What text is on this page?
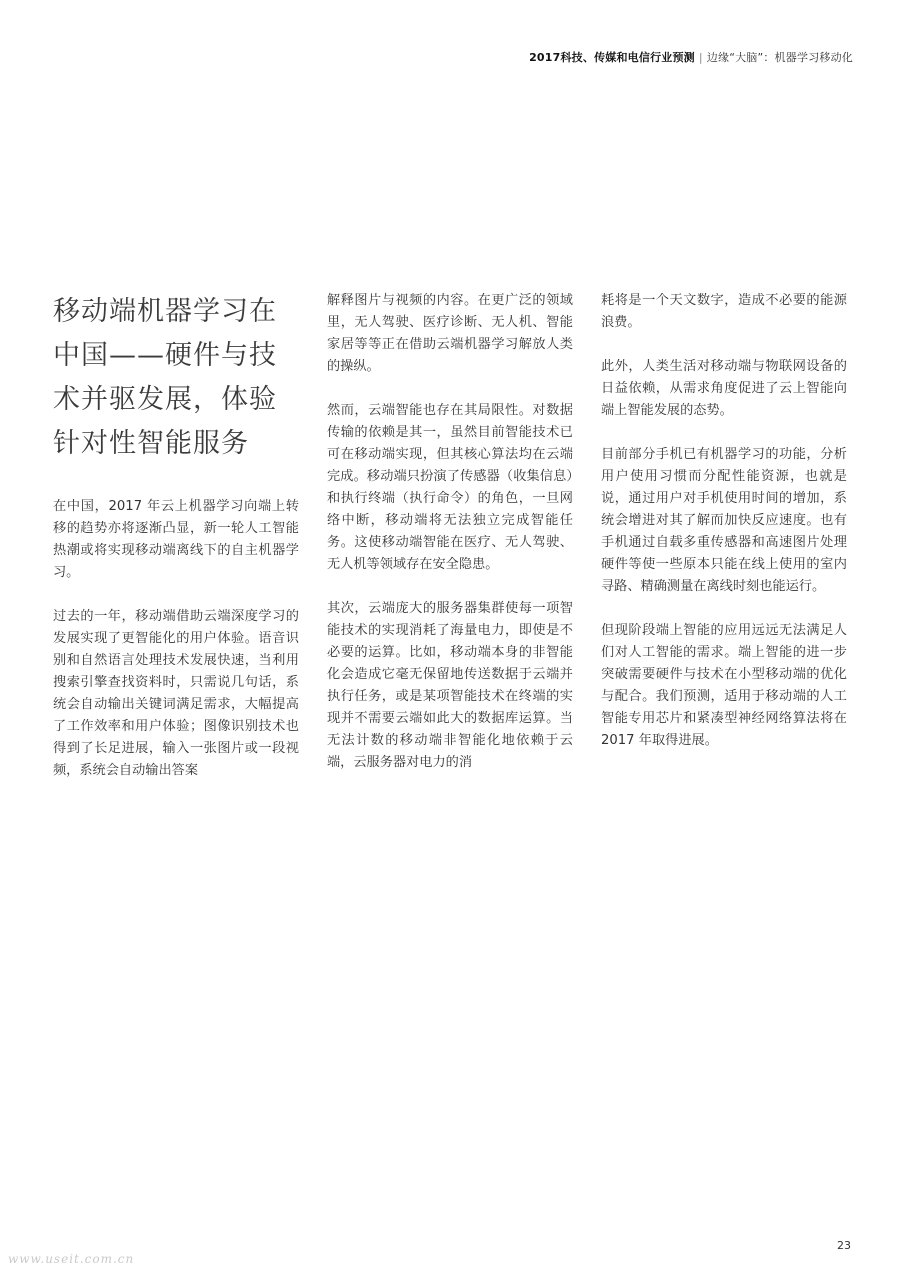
2017科技、传媒和电信行业预测 | 边缘“大脑”：机器学习移动化
移动端机器学习在中国——硬件与技术并驱发展，体验针对性智能服务

在中国，2017 年云上机器学习向端上转移的趋势亦将逐渐凸显，新一轮人工智能热潮或将实现移动端离线下的自主机器学习。

过去的一年，移动端借助云端深度学习的发展实现了更智能化的用户体验。语音识别和自然语言处理技术发展快速，当利用搜索引擎查找资料时，只需说几句话，系统会自动输出关键词满足需求，大幅提高了工作效率和用户体验；图像识别技术也得到了长足进展，输入一张图片或一段视频，系统会自动输出答案

解释图片与视频的内容。在更广泛的领域里，无人驾驶、医疗诊断、无人机、智能家居等等正在借助云端机器学习解放人类的操纵。

然而，云端智能也存在其局限性。对数据传输的依赖是其一，虽然目前智能技术已可在移动端实现，但其核心算法均在云端完成。移动端只扮演了传感器（收集信息）和执行终端（执行命令）的角色，一旦网络中断，移动端将无法独立完成智能任务。这使移动端智能在医疗、无人驾驶、无人机等领域存在安全隐患。

其次，云端庞大的服务器集群使每一项智能技术的实现消耗了海量电力，即使是不必要的运算。比如，移动端本身的非智能化会造成它毫无保留地传送数据于云端并执行任务，或是某项智能技术在终端的实现并不需要云端如此大的数据库运算。当无法计数的移动端非智能化地依赖于云端，云服务器对电力的消

耗将是一个天文数字，造成不必要的能源浪费。

此外，人类生活对移动端与物联网设备的日益依赖，从需求角度促进了云上智能向端上智能发展的态势。

目前部分手机已有机器学习的功能，分析用户使用习惯而分配性能资源，也就是说，通过用户对手机使用时间的增加，系统会增进对其了解而加快反应速度。也有手机通过自载多重传感器和高速图片处理硬件等使一些原本只能在线上使用的室内寻路、精确测量在离线时刻也能运行。

但现阶段端上智能的应用远远无法满足人们对人工智能的需求。端上智能的进一步突破需要硬件与技术在小型移动端的优化与配合。我们预测，适用于移动端的人工智能专用芯片和紧凑型神经网络算法将在 2017 年取得进展。

23
www.useit.com.cn
